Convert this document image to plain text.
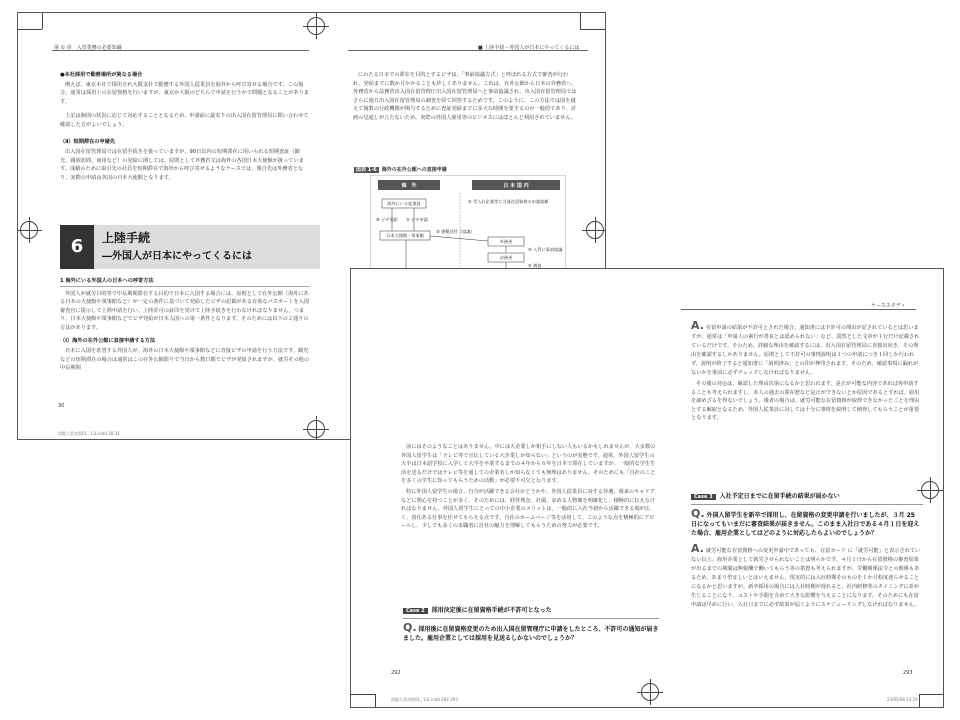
第 ① 章　入管業務の必要知識	■ 上陸手続－外国人が日本にやってくるには
●本社採用で勤務場所が異なる場合

例えば、東京本社で採用され大阪支社で勤務する外国人従業員を海外から呼び寄せる場合です。この場合、通常は採用上の在留資格を行いますが、東京か大阪のどちらで申請を行うかで問題となることがあります。

上記は個別の状況に応じて対応することとなるため、申請前に最寄りの出入国在留管理局に問い合わせて確認した方がよいでしょう。

（ⅱ）短期滞在の申請先

出入国在留管理局では在留手続きを扱っていますが、90日以内の短期滞在に用いられる短期査証（観光、親族訪問、商用など）の発給に関しては、原則として外務省又は海外の各国日本大使館が扱っています。成績のために取引先の社員を短期滞在で海外から呼び寄せるようなケースでは、関合先は外務省となり、実際の申請は各国の日本大使館となります。

6	上陸手続
―外国人が日本にやってくるには
1 海外にいる外国人の日本への呼寄方法

外国人が就労目的等で中長期間滞在する目的で日本に入国する場合には、原則として在外公館（海外にある日本の大使館や領事館など）が一定の条件に基づいて発給したビザの記載がある有効なパスポートを入国審査官に提示して上陸申請を行い、上陸許可の証印を受けて上陸手続きを行わなければなりません。つまり、日本大使館や領事館などでビザ発給が日本入国への第一条件となります。そのためには以下の２通りの方法があります。

（ⅰ）海外の在外公館に直接申請する方法

日本に入国を希望する外国人が、海外の日本大使館や領事館などに直接ビザの申請を行う方法です。観光などの短期滞在の場合は通常はこの在外公館限りで当日から数日間でビザが発給されますが、就労その他の中長期間

にわたる日本での滞在を目的とするビザは、「事前協議方式」と呼ばれる方式で審査が行われ、発給までに数か月かかることも珍しくありません。これは、在外公館から日本の外務省へ、外務省から法務省出入国在留管理庁出入国在留管理局へと事前協議され、出入国在留管理局ではさらに地方出入国在留管理局の調査を経て回答するためです。このように、この方法では国を越えて複数の行政機関が関与するために査証発給までに多大な時間を要するのが一般的であり、計画の見通しが立たないため、実際の外国人雇用等のビジネスにはほとんど利用されていません。

図表 1-6 海外の在外公館への直接申請
海　外	日 本 国 内
海外にいる従業員	① 受入れ企業等に当該在留資格の申請依頼
日本大使館・領事館
⑩ ビザ発給 ② ビザ申請
外務省
③ 書類送付（協議）
法務省
④ 入管に事前協議
⑤ 調査

30
岡銀入管初版01_ 1章.indd 30-31
ケーススタディ

前にはそのようなことはありません。中には大企業しか相手にしない人もいるかもしれませんが、大多数の外国人留学生は「テレビ等で宣伝している大企業しか知らない」というのが実態です。通常、外国人留学生の大半は日本語学校に入学して大学を卒業するまでの４年から６年を日本で滞在していますが、一般的な学生生活を送るだけではテレビ等を通しての企業名しか知らなくても無理はありません。そのためにも「自社のことを多くの学生に知ってもらうための活動」が必要不可欠となります。

特に外国人留学生の場合、自分が活躍できる会社かどうかや、外国人従業員に対する待遇、将来のキャリアなどに関心を持つことが多く、そのためには、経営理念、社風、求める人物像を明確化し、積極的に伝えなければなりません。外国人留学生にとっての中小企業のメリットは、一般的に入社当初から活躍できる場が広く、責任ある仕事を任せてもらえる点です。自社のホームページ等を活用して、このような点を積極的にアピールし、少しでも多くの求職者に自社の魅力を理解してもらうための努力が必要です。

Case 2 採用決定後に在留資格手続が不許可となった
Q. 採用後に在留資格変更のため出入国在留管理庁に申請をしたところ、不許可の通知が届きました。雇用企業としては採用を見送るしかないのでしょうか？
A. 在留申請の結果が不許可とされた場合、通知書には不許可の理由が記されているとは思いますが、通常は「申請人の素行が善良とは認められない」など、漠然とした文章が１行だけ記載されているだけです。そのため、詳細な理由を確認するには、出入国在留管理局に直接出向き、その理由を確認するしかありません。原則として不許可の事情説明は１つの申請につき１回しか行われず、説明が終了すると通知書に「説明済み」との印が押印されます。そのため、確認事項に漏れがないかを事前に必ずチェックしなければなりません。

その後の対応は、確認した理由次第になるかと思われます。是正が可能な内容であれば再申請することも考えられますし、本人の過去の滞在歴など是正ができないとか原因であるとすれば、雇用を諦めざるを得ないでしょう。後者の場合は、就労可能な在留資格が取得できなかったことを理由とする解雇となるため、外国人従業員に対しては十分に事情を説明して納得してもらうことが重要となります。

Case 3 入社予定日までに在留手続の結果が届かない
Q. 外国人留学生を新卒で採用し、在留資格の変更申請を行いましたが、３月 25 日になってもいまだに審査結果が届きません。このまま入社日である４月１日を迎えた場合、雇用企業としてはどのように対応したらよいのでしょうか？
A. 就労可能な在留資格への変更申請中であっても、在留カード に「就労可能」と表示されていない以上、雇用企業として就労させられないことは明らかです。４月１日から在留資格の審査結果が出るまでの期間は無報酬で働いてもらう等の措置も考えられますが、労働関係法令との関係もあるため、あまり望ましいとはいえません。現実的には入社時期そのものを１か月程度遅らせることになるかと思いますが、新卒採用の場合には入社時期が遅れると、社内研修等のタイミングに差が生じることになり、コストや手間を含めて大きな影響を与えることになります。そのためにも在留申請は早めに行い、入社日までに必ず結果が届くようにスケジューリングしなければなりません。
292	293
岡銀入管初版01_ 1章.indd 292-293	23/05/08 13:19
